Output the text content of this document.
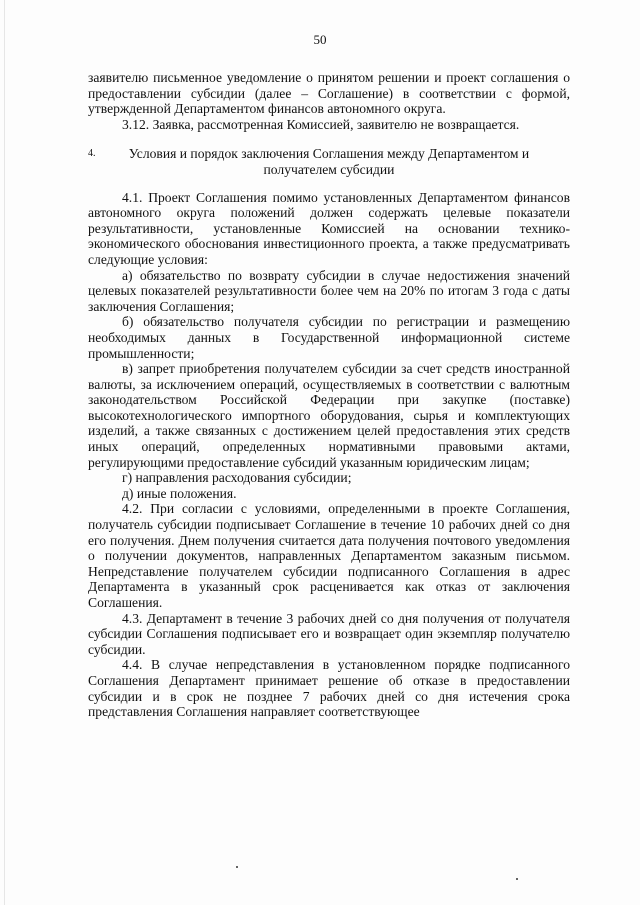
50

заявителю письменное уведомление о принятом решении и проект соглашения о предоставлении субсидии (далее – Соглашение) в соответствии с формой, утвержденной Департаментом финансов автономного округа.

3.12. Заявка, рассмотренная Комиссией, заявителю не возвращается.

4. Условия и порядок заключения Соглашения между Департаментом и получателем субсидии

4.1. Проект Соглашения помимо установленных Департаментом финансов автономного округа положений должен содержать целевые показатели результативности, установленные Комиссией на основании технико-экономического обоснования инвестиционного проекта, а также предусматривать следующие условия:

а) обязательство по возврату субсидии в случае недостижения значений целевых показателей результативности более чем на 20% по итогам 3 года с даты заключения Соглашения;

б) обязательство получателя субсидии по регистрации и размещению необходимых данных в Государственной информационной системе промышленности;

в) запрет приобретения получателем субсидии за счет средств иностранной валюты, за исключением операций, осуществляемых в соответствии с валютным законодательством Российской Федерации при закупке (поставке) высокотехнологического импортного оборудования, сырья и комплектующих изделий, а также связанных с достижением целей предоставления этих средств иных операций, определенных нормативными правовыми актами, регулирующими предоставление субсидий указанным юридическим лицам;

г) направления расходования субсидии;

д) иные положения.

4.2. При согласии с условиями, определенными в проекте Соглашения, получатель субсидии подписывает Соглашение в течение 10 рабочих дней со дня его получения. Днем получения считается дата получения почтового уведомления о получении документов, направленных Департаментом заказным письмом. Непредставление получателем субсидии подписанного Соглашения в адрес Департамента в указанный срок расценивается как отказ от заключения Соглашения.

4.3. Департамент в течение 3 рабочих дней со дня получения от получателя субсидии Соглашения подписывает его и возвращает один экземпляр получателю субсидии.

4.4. В случае непредставления в установленном порядке подписанного Соглашения Департамент принимает решение об отказе в предоставлении субсидии и в срок не позднее 7 рабочих дней со дня истечения срока представления Соглашения направляет соответствующее
